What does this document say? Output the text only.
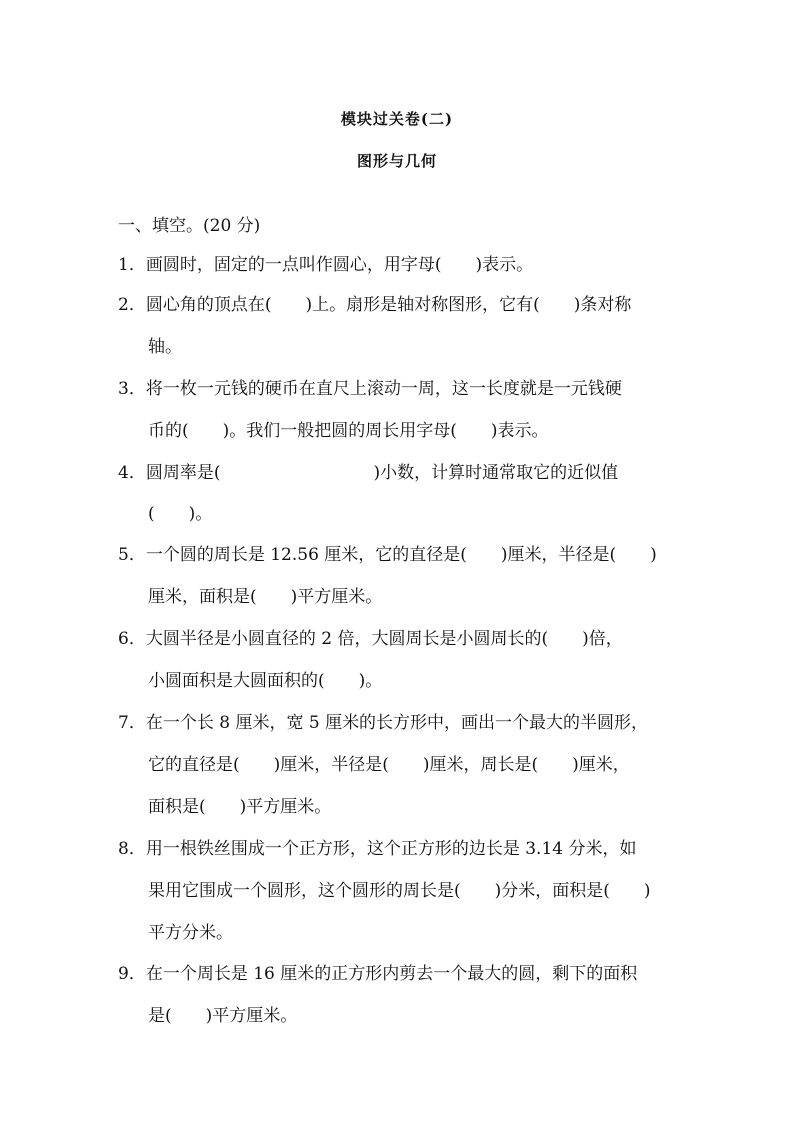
模块过关卷(二)
图形与几何
一、填空。(20 分)
1．画圆时，固定的一点叫作圆心，用字母(　　)表示。
2．圆心角的顶点在(　　)上。扇形是轴对称图形，它有(　　)条对称
轴。
3．将一枚一元钱的硬币在直尺上滚动一周，这一长度就是一元钱硬
币的(　　)。我们一般把圆的周长用字母(　　)表示。
4．圆周率是(　　　　　　　　　)小数，计算时通常取它的近似值
(　　)。
5．一个圆的周长是 12.56 厘米，它的直径是(　　)厘米，半径是(　　)
厘米，面积是(　　)平方厘米。
6．大圆半径是小圆直径的 2 倍，大圆周长是小圆周长的(　　)倍，
小圆面积是大圆面积的(　　)。
7．在一个长 8 厘米，宽 5 厘米的长方形中，画出一个最大的半圆形，
它的直径是(　　)厘米，半径是(　　)厘米，周长是(　　)厘米，
面积是(　　)平方厘米。
8．用一根铁丝围成一个正方形，这个正方形的边长是 3.14 分米，如
果用它围成一个圆形，这个圆形的周长是(　　)分米，面积是(　　)
平方分米。
9．在一个周长是 16 厘米的正方形内剪去一个最大的圆，剩下的面积
是(　　)平方厘米。
